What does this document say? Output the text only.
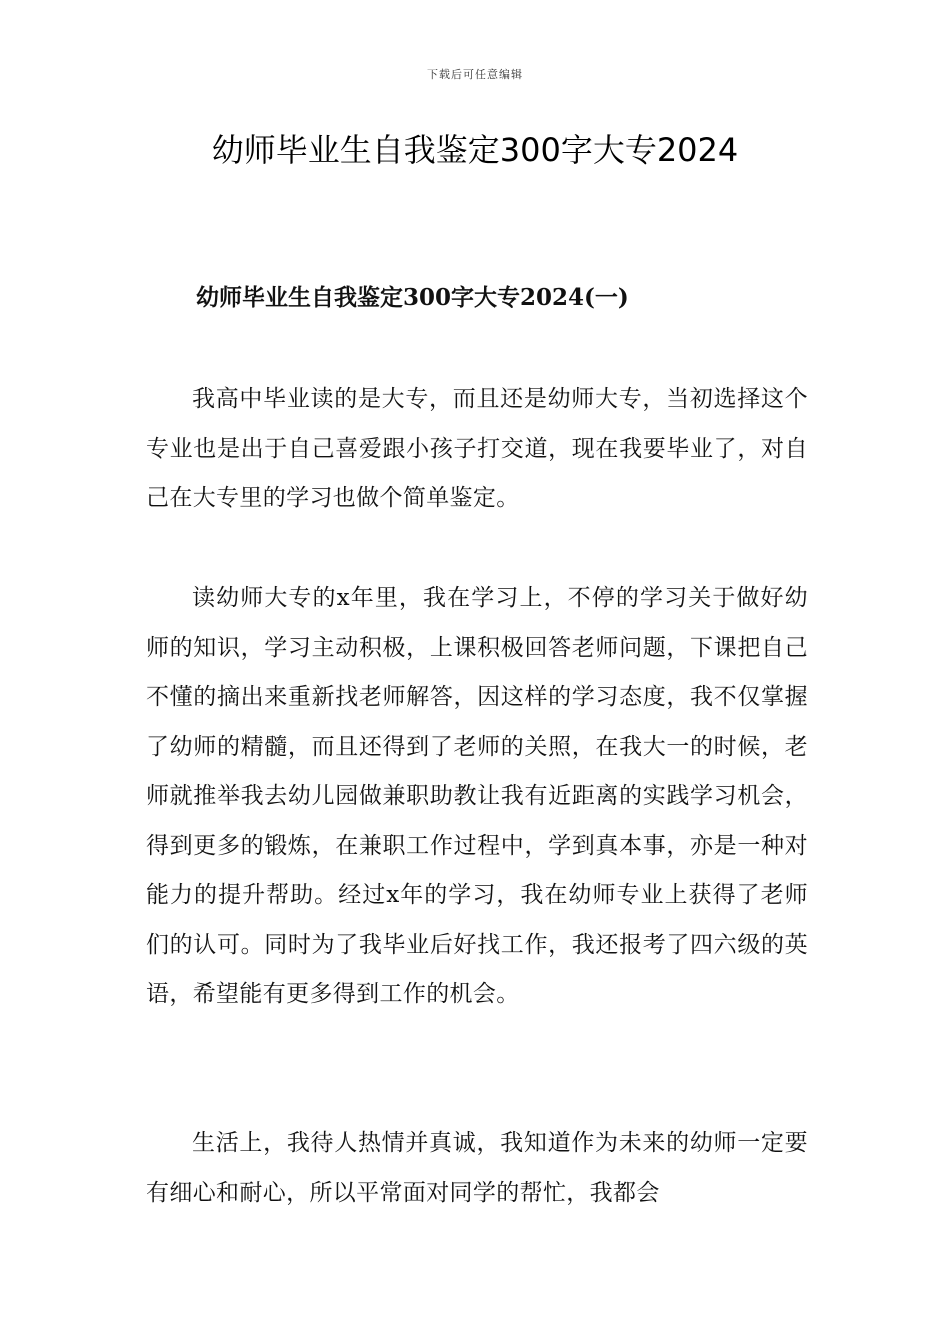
下载后可任意编辑
幼师毕业生自我鉴定300字大专2024
幼师毕业生自我鉴定300字大专2024(一)

我高中毕业读的是大专，而且还是幼师大专，当初选择这个专业也是出于自己喜爱跟小孩子打交道，现在我要毕业了，对自己在大专里的学习也做个简单鉴定。

读幼师大专的x年里，我在学习上，不停的学习关于做好幼师的知识，学习主动积极，上课积极回答老师问题，下课把自己不懂的摘出来重新找老师解答，因这样的学习态度，我不仅掌握了幼师的精髓，而且还得到了老师的关照，在我大一的时候，老师就推举我去幼儿园做兼职助教让我有近距离的实践学习机会，得到更多的锻炼，在兼职工作过程中，学到真本事，亦是一种对能力的提升帮助。经过x年的学习，我在幼师专业上获得了老师们的认可。同时为了我毕业后好找工作，我还报考了四六级的英语，希望能有更多得到工作的机会。

生活上，我待人热情并真诚，我知道作为未来的幼师一定要有细心和耐心，所以平常面对同学的帮忙，我都会
